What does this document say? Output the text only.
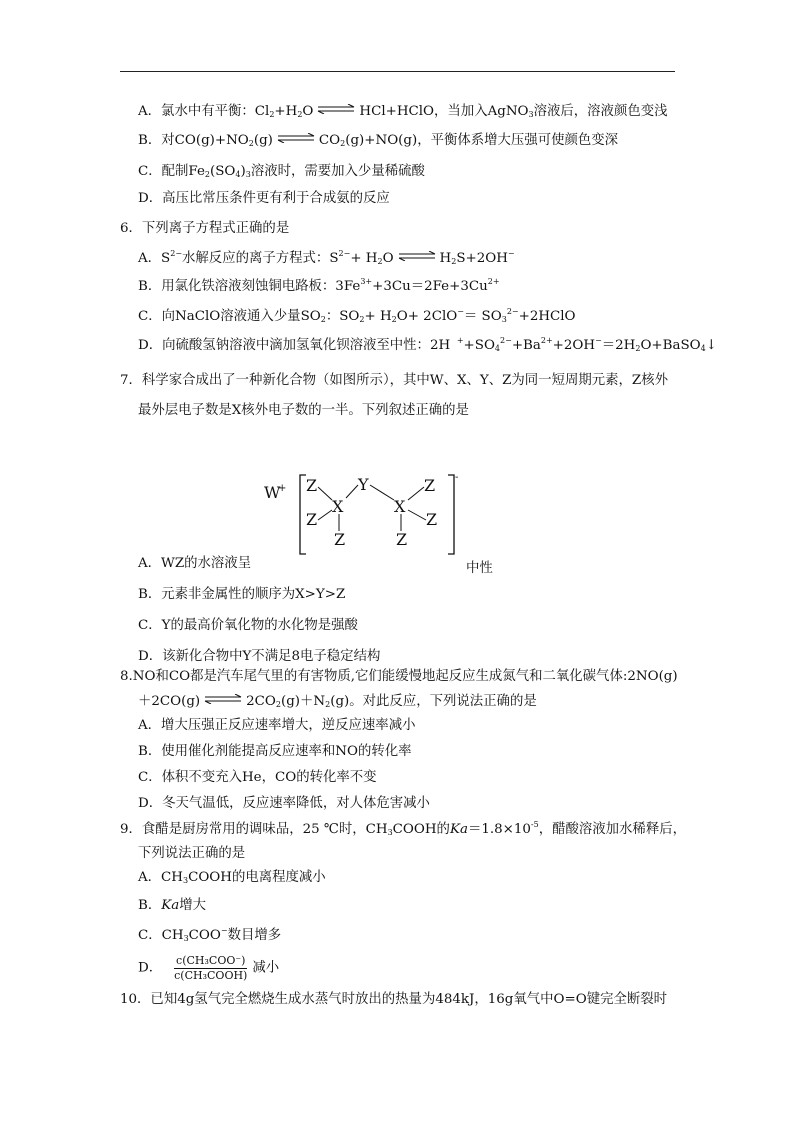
A．氯水中有平衡：$Cl_2+H_2O$ ⇌ HCl+HClO，当加入AgNO$_3$溶液后，溶液颜色变浅
B．对$CO(g)+NO_2(g)$ ⇌ $CO_2(g)+NO(g)$，平衡体系增大压强可使颜色变深
C．配制$Fe_2(SO_4)_3$溶液时，需要加入少量稀硫酸
D．高压比常压条件更有利于合成氨的反应
6．下列离子方程式正确的是
A．$S^{2-}$水解反应的离子方程式：$S^{2-}+ H_2O$ ⇌ $H_2S+2OH^-$
B．用氯化铁溶液刻蚀铜电路板：$3Fe^{3+}+3Cu=2Fe+3Cu^{2+}$
C．向NaClO溶液通入少量$SO_2$：$SO_2+ H_2O+ 2ClO^-=$ $SO_3^{2-}+2HClO$
D．向硫酸氢钠溶液中滴加氢氧化钡溶液至中性：2H $^++SO_4^{2-}+Ba^{2+}+2OH^-=2H_2O+BaSO_4↓$
7．科学家合成出了一种新化合物（如图所示），其中W、X、Y、Z为同一短周期元素，Z核外
最外层电子数是X核外电子数的一半。下列叙述正确的是
W
+
-
Z
Z
X
Z
Y
X
Z
Z
Z
A．WZ的水溶液呈	中性
B．元素非金属性的顺序为X>Y>Z
C．Y的最高价氧化物的水化物是强酸
D．该新化合物中Y不满足8电子稳定结构
8.NO和CO都是汽车尾气里的有害物质,它们能缓慢地起反应生成氮气和二氧化碳气体:2NO(g)
＋2CO(g) ⇌ $2CO_2(g)+N_2(g)$。对此反应，下列说法正确的是
A．增大压强正反应速率增大，逆反应速率减小
B．使用催化剂能提高反应速率和NO的转化率
C．体积不变充入He，CO的转化率不变
D．冬天气温低，反应速率降低，对人体危害减小
9．食醋是厨房常用的调味品，25 ℃时，$CH_3COOH$的$Ka=1.8\times 10^{-5}$，醋酸溶液加水稀释后，
下列说法正确的是
A．$CH_3COOH$的电离程度减小
B．Ka增大
C．$CH_3COO^-$数目增多
D． $\frac{\text{c(CH₃COO⁻)}}{\text{c(CH₃COOH)}}$ 减小
10．已知4g氢气完全燃烧生成水蒸气时放出的热量为484kJ，16g氧气中O=O键完全断裂时
